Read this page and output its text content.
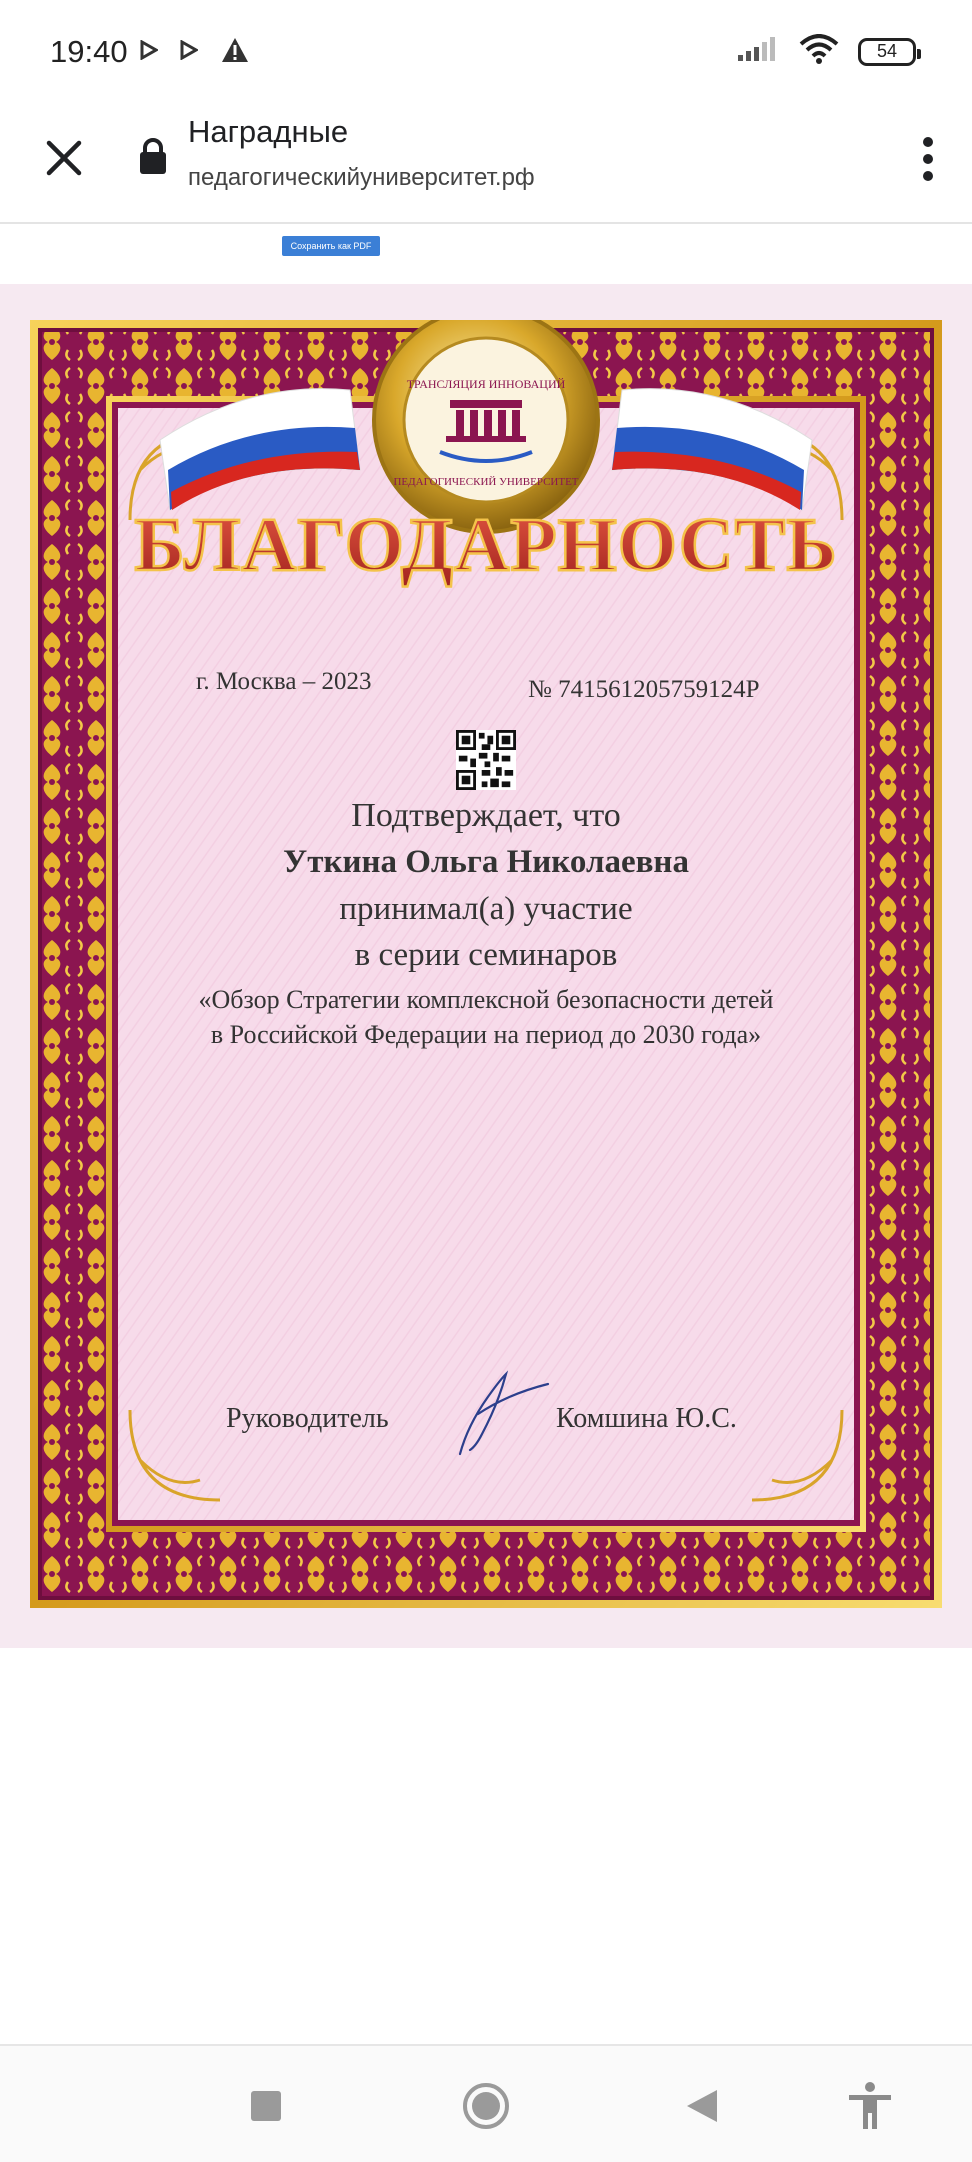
19:40	54
Наградные
педагогическийуниверситет.рф
Сохранить как PDF
ТРАНСЛЯЦИЯ ИННОВАЦИЙ
ПЕДАГОГИЧЕСКИЙ УНИВЕРСИТЕТ
БЛАГОДАРНОСТЬ
г. Москва – 2023	№ 741561205759124Р
Подтверждает, что
Уткина Ольга Николаевна
принимал(а) участие
в серии семинаров
«Обзор Стратегии комплексной безопасности детей в Российской Федерации на период до 2030 года»
Руководитель	Комшина Ю.С.
